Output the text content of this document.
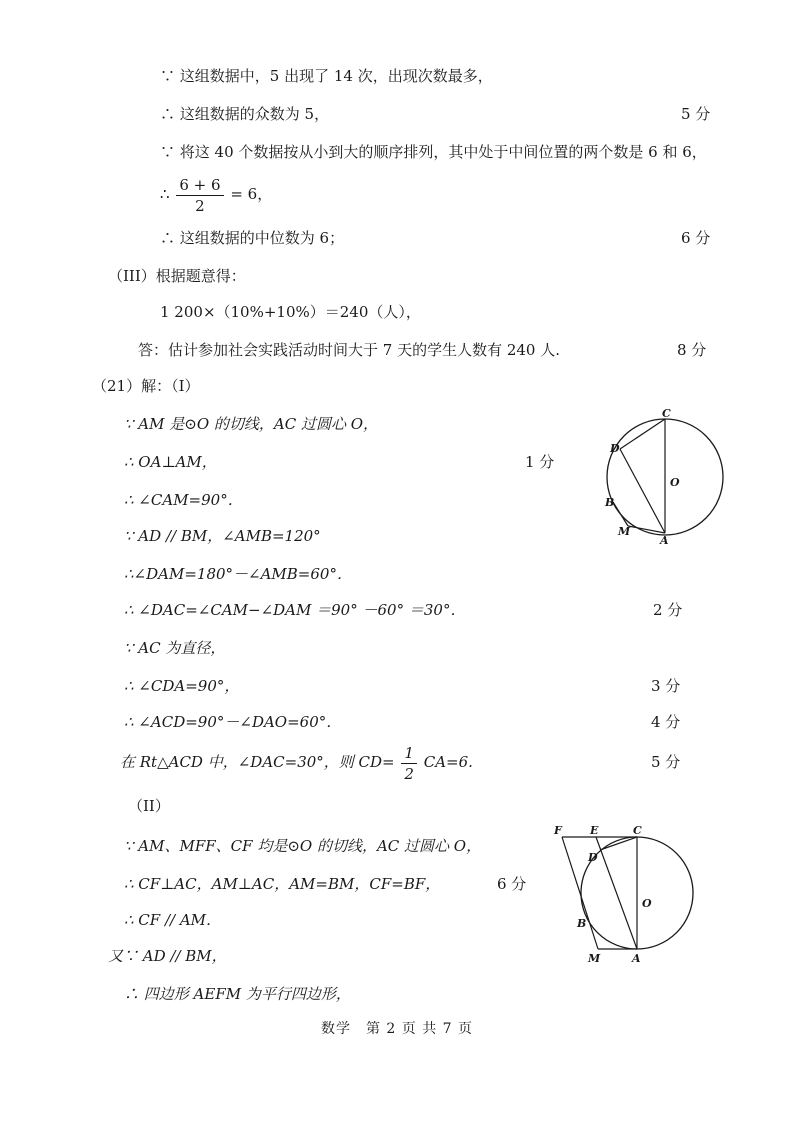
∵ 这组数据中，5 出现了 14 次，出现次数最多，
∴ 这组数据的众数为 5，	5 分
∵ 将这 40 个数据按从小到大的顺序排列，其中处于中间位置的两个数是 6 和 6，
∴ $\frac{6 + 6}{2} = 6$，
∴ 这组数据的中位数为 6；	6 分
（III）根据题意得：
1 200×（10%+10%）＝240（人），
答：估计参加社会实践活动时间大于 7 天的学生人数有 240 人.	8 分
（21）解：（I）
∵ AM 是⊙O 的切线，AC 过圆心 O，
∴ OA⊥AM，	1 分
∴ ∠CAM=90°．
∵ AD // BM，∠AMB=120°
∴∠DAM=180°－∠AMB=60°．
∴ ∠DAC=∠CAM−∠DAM ＝90° －60° ＝30°．	2 分
∵ AC 为直径，
∴ ∠CDA=90°，	3 分
∴ ∠ACD=90°－∠DAO=60°．	4 分
在 Rt△ACD 中，∠DAC=30°，则 $CD= \frac{1}{2} CA=6$.	5 分
（II）
∵ AM、MFF、CF 均是⊙O 的切线，AC 过圆心 O，
∴ CF⊥AC，AM⊥AC，AM=BM，CF=BF，	6 分
∴ CF // AM．
又∵ AD // BM，
∴ 四边形 AEFM 为平行四边形，
C
D
O
B
M
A
F	E	C
D
O
B
M	A
数学　第 2 页 共 7 页
